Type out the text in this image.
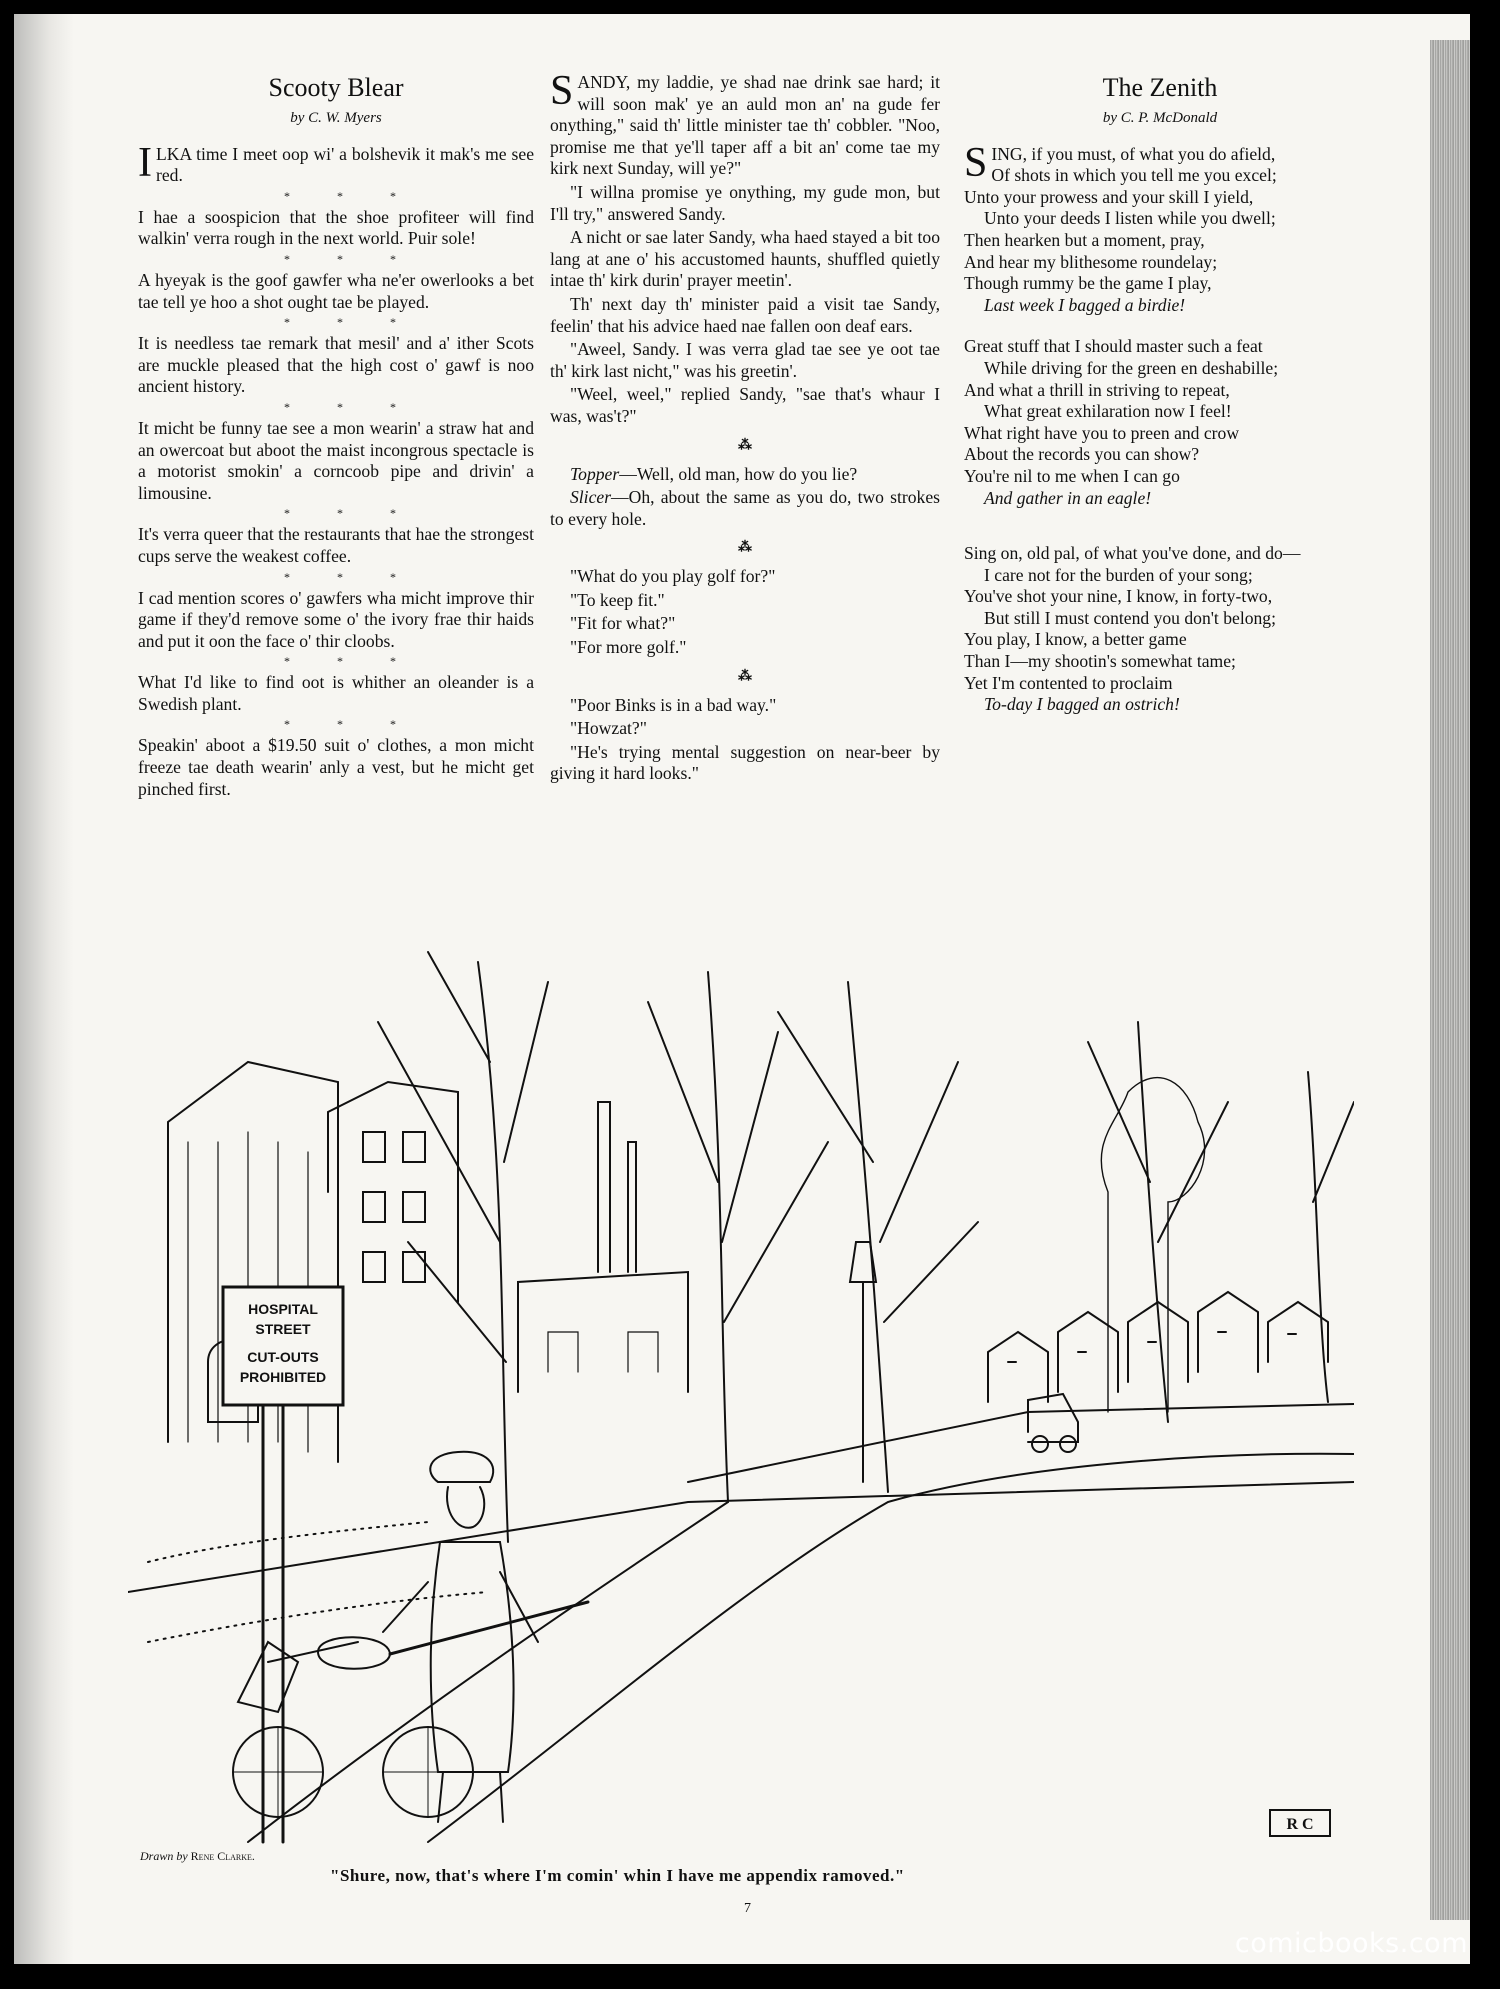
Scooty Blear
by C. W. Myers

ILKA time I meet oop wi' a bolshevik it mak's me see red.

* * *

I hae a soospicion that the shoe profiteer will find walkin' verra rough in the next world. Puir sole!

* * *

A hyeyak is the goof gawfer wha ne'er owerlooks a bet tae tell ye hoo a shot ought tae be played.

* * *

It is needless tae remark that mesil' and a' ither Scots are muckle pleased that the high cost o' gawf is noo ancient history.

* * *

It micht be funny tae see a mon wearin' a straw hat and an owercoat but aboot the maist incongrous spectacle is a motorist smokin' a corncoob pipe and drivin' a limousine.

* * *

It's verra queer that the restaurants that hae the strongest cups serve the weakest coffee.

* * *

I cad mention scores o' gawfers wha micht improve thir game if they'd remove some o' the ivory frae thir haids and put it oon the face o' thir cloobs.

* * *

What I'd like to find oot is whither an oleander is a Swedish plant.

* * *

Speakin' aboot a $19.50 suit o' clothes, a mon micht freeze tae death wearin' anly a vest, but he micht get pinched first.

SANDY, my laddie, ye shad nae drink sae hard; it will soon mak' ye an auld mon an' na gude fer onything," said th' little minister tae th' cobbler. "Noo, promise me that ye'll taper aff a bit an' come tae my kirk next Sunday, will ye?"

"I willna promise ye onything, my gude mon, but I'll try," answered Sandy.

A nicht or sae later Sandy, wha haed stayed a bit too lang at ane o' his accustomed haunts, shuffled quietly intae th' kirk durin' prayer meetin'.

Th' next day th' minister paid a visit tae Sandy, feelin' that his advice haed nae fallen oon deaf ears.

"Aweel, Sandy. I was verra glad tae see ye oot tae th' kirk last nicht," was his greetin'.

"Weel, weel," replied Sandy, "sae that's whaur I was, was't?"

⁂

Topper—Well, old man, how do you lie?

Slicer—Oh, about the same as you do, two strokes to every hole.

⁂

"What do you play golf for?"

"To keep fit."

"Fit for what?"

"For more golf."

⁂

"Poor Binks is in a bad way."

"Howzat?"

"He's trying mental suggestion on near-beer by giving it hard looks."

The Zenith
by C. P. McDonald
SING, if you must, of what you do afield,
Of shots in which you tell me you excel;
Unto your prowess and your skill I yield,
Unto your deeds I listen while you dwell;
Then hearken but a moment, pray,
And hear my blithesome roundelay;
Though rummy be the game I play,
Last week I bagged a birdie!
Great stuff that I should master such a feat
While driving for the green en deshabille;
And what a thrill in striving to repeat,
What great exhilaration now I feel!
What right have you to preen and crow
About the records you can show?
You're nil to me when I can go
And gather in an eagle!
Sing on, old pal, of what you've done, and do—
I care not for the burden of your song;
You've shot your nine, I know, in forty-two,
But still I must contend you don't belong;
You play, I know, a better game
Than I—my shootin's somewhat tame;
Yet I'm contented to proclaim
To-day I bagged an ostrich!
HOSPITAL
STREET
CUT-OUTS
PROHIBITED
R C
Drawn by Rene Clarke.
"Shure, now, that's where I'm comin' whin I have me appendix ramoved."
7
comicbooks.com
